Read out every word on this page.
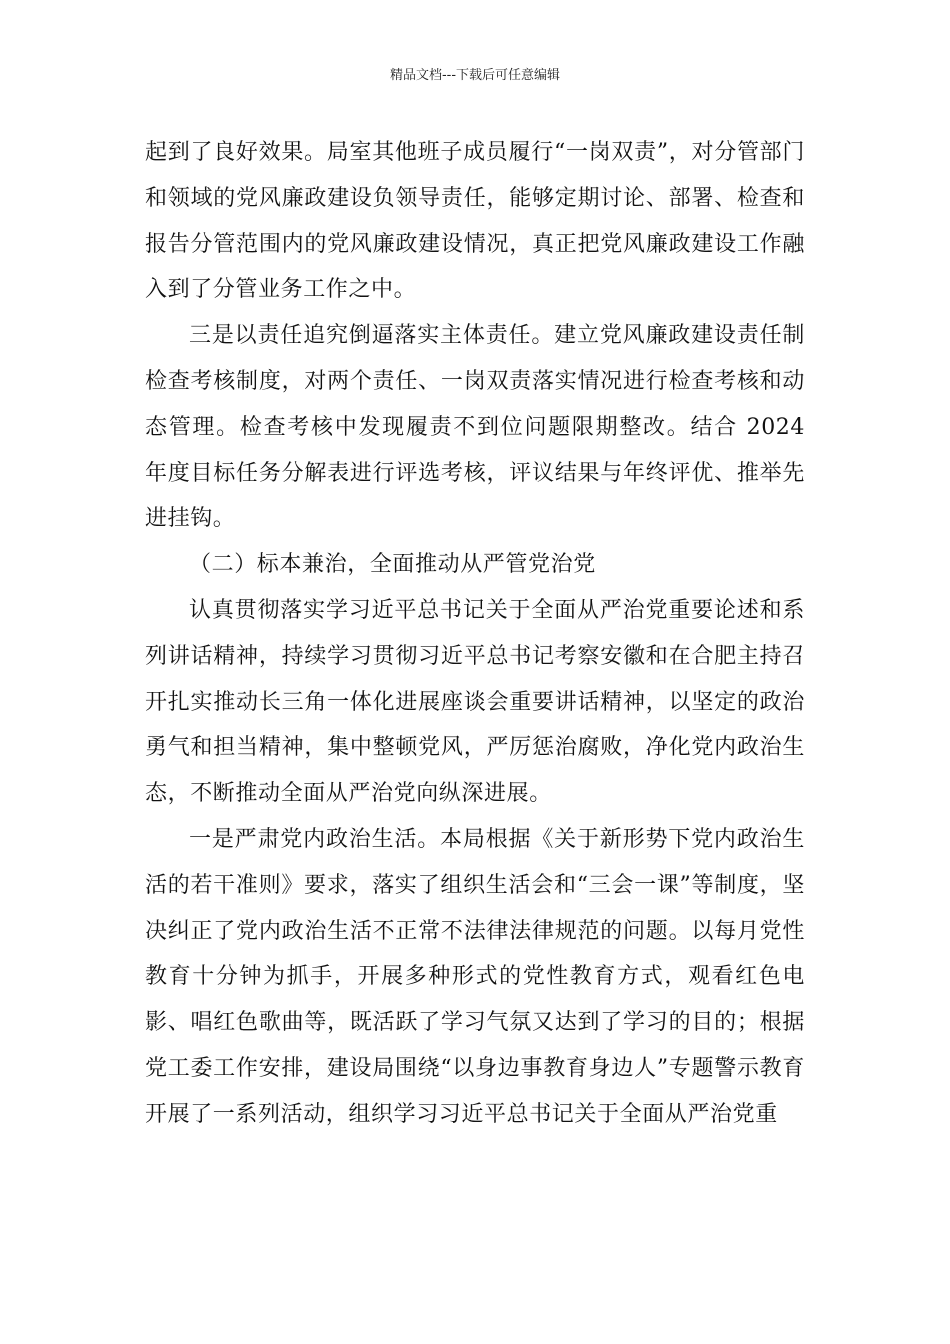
精品文档---下载后可任意编辑

起到了良好效果。局室其他班子成员履行“一岗双责”，对分管部门和领域的党风廉政建设负领导责任，能够定期讨论、部署、检查和报告分管范围内的党风廉政建设情况，真正把党风廉政建设工作融入到了分管业务工作之中。

三是以责任追究倒逼落实主体责任。建立党风廉政建设责任制检查考核制度，对两个责任、一岗双责落实情况进行检查考核和动态管理。检查考核中发现履责不到位问题限期整改。结合 2024 年度目标任务分解表进行评选考核，评议结果与年终评优、推举先进挂钩。

（二）标本兼治，全面推动从严管党治党

认真贯彻落实学习近平总书记关于全面从严治党重要论述和系列讲话精神，持续学习贯彻习近平总书记考察安徽和在合肥主持召开扎实推动长三角一体化进展座谈会重要讲话精神，以坚定的政治勇气和担当精神，集中整顿党风，严厉惩治腐败，净化党内政治生态，不断推动全面从严治党向纵深进展。

一是严肃党内政治生活。本局根据《关于新形势下党内政治生活的若干准则》要求，落实了组织生活会和“三会一课”等制度，坚决纠正了党内政治生活不正常不法律法律规范的问题。以每月党性教育十分钟为抓手，开展多种形式的党性教育方式，观看红色电影、唱红色歌曲等，既活跃了学习气氛又达到了学习的目的；根据党工委工作安排，建设局围绕“以身边事教育身边人”专题警示教育开展了一系列活动，组织学习习近平总书记关于全面从严治党重
